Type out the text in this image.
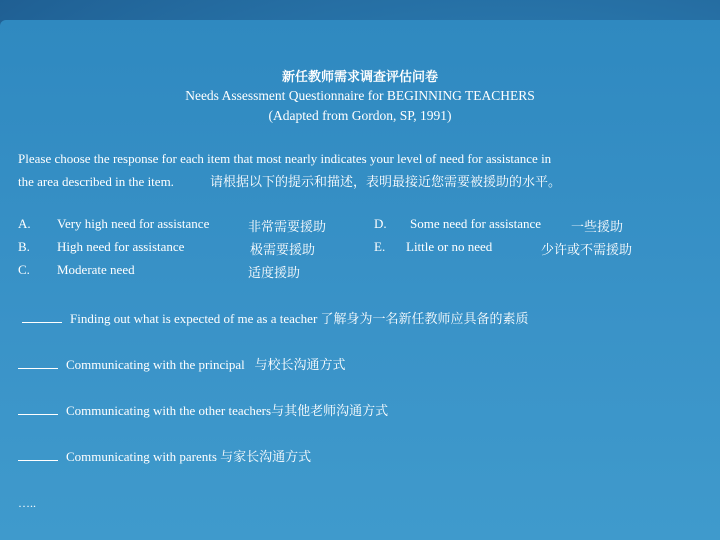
新任教师需求调查评估问卷
Needs Assessment Questionnaire for BEGINNING TEACHERS
(Adapted from Gordon, SP, 1991)
Please choose the response for each item that most nearly indicates your level of need for assistance in
the area described in the item.	请根据以下的提示和描述，表明最接近您需要被援助的水平。
A. Very high need for assistance	非常需要援助
B. High need for assistance	极需要援助
C. Moderate need	适度援助
D. Some need for assistance 一些援助
E. Little or no need	少许或不需援助
Finding out what is expected of me as a teacher 了解身为一名新任教师应具备的素质
Communicating with the principal 与校长沟通方式
Communicating with the other teachers与其他老师沟通方式
Communicating with parents 与家长沟通方式
…..
